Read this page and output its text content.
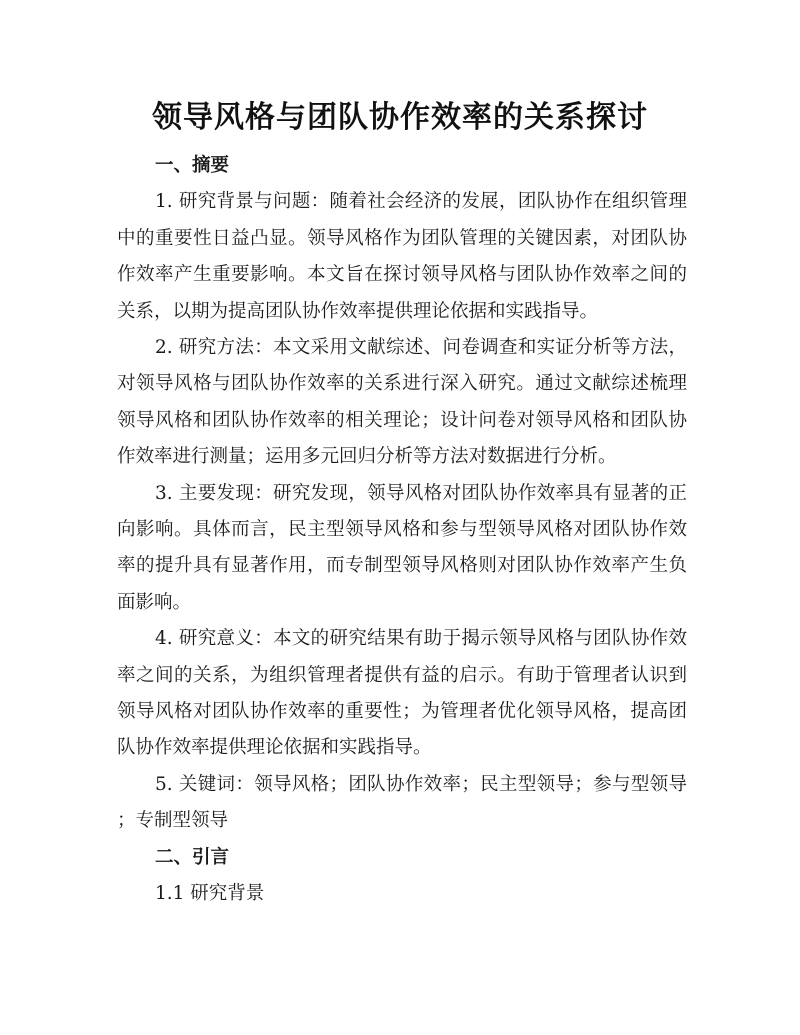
领导风格与团队协作效率的关系探讨
一、摘要

1. 研究背景与问题：随着社会经济的发展，团队协作在组织管理中的重要性日益凸显。领导风格作为团队管理的关键因素，对团队协作效率产生重要影响。本文旨在探讨领导风格与团队协作效率之间的关系，以期为提高团队协作效率提供理论依据和实践指导。

2. 研究方法：本文采用文献综述、问卷调查和实证分析等方法，对领导风格与团队协作效率的关系进行深入研究。通过文献综述梳理领导风格和团队协作效率的相关理论；设计问卷对领导风格和团队协作效率进行测量；运用多元回归分析等方法对数据进行分析。

3. 主要发现：研究发现，领导风格对团队协作效率具有显著的正向影响。具体而言，民主型领导风格和参与型领导风格对团队协作效率的提升具有显著作用，而专制型领导风格则对团队协作效率产生负面影响。

4. 研究意义：本文的研究结果有助于揭示领导风格与团队协作效率之间的关系，为组织管理者提供有益的启示。有助于管理者认识到领导风格对团队协作效率的重要性；为管理者优化领导风格，提高团队协作效率提供理论依据和实践指导。

5. 关键词：领导风格；团队协作效率；民主型领导；参与型领导；专制型领导

二、引言
1.1 研究背景
